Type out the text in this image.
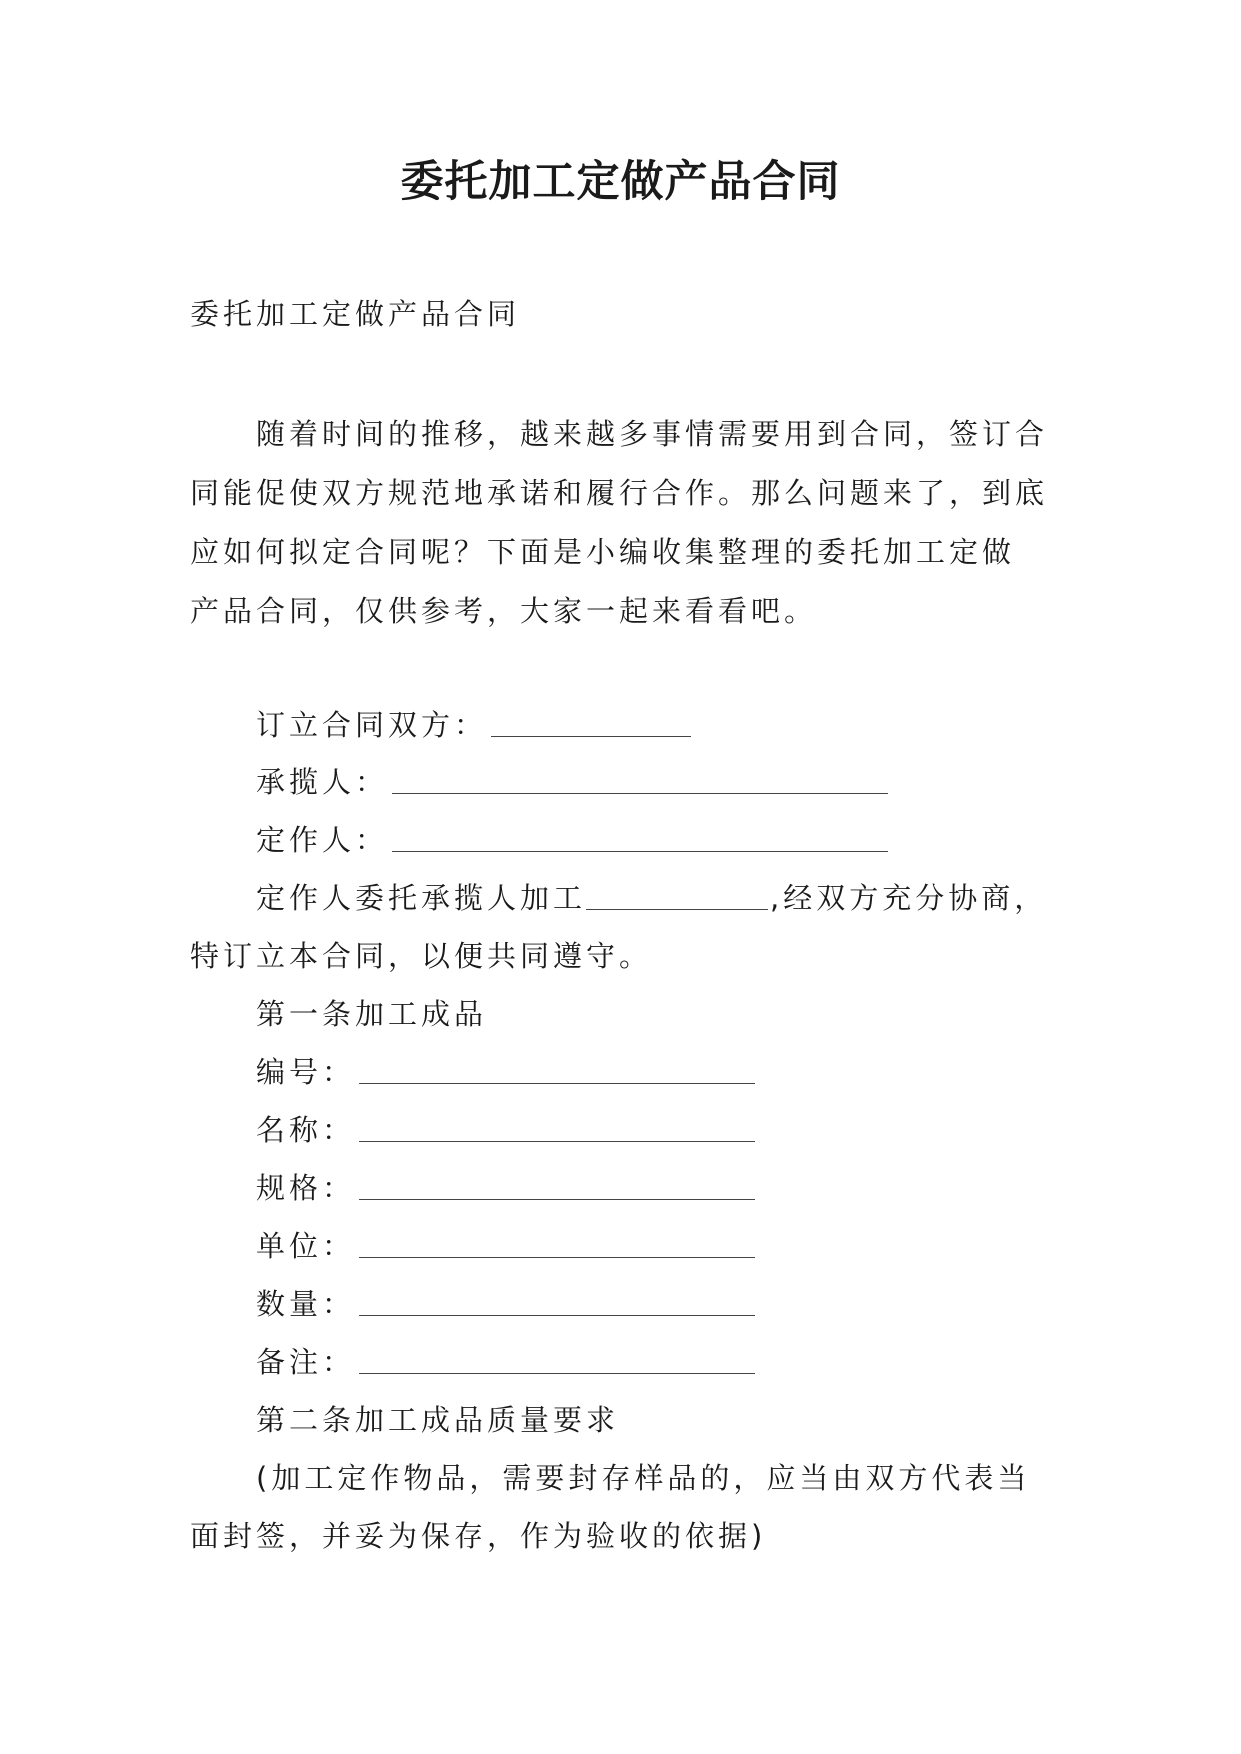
委托加工定做产品合同
委托加工定做产品合同
随着时间的推移，越来越多事情需要用到合同，签订合
同能促使双方规范地承诺和履行合作。那么问题来了，到底
应如何拟定合同呢？下面是小编收集整理的委托加工定做
产品合同，仅供参考，大家一起来看看吧。
订立合同双方：
承揽人：
定作人：
定作人委托承揽人加工	,经双方充分协商，
特订立本合同，以便共同遵守。
第一条加工成品
编号：
名称：
规格：
单位：
数量：
备注：
第二条加工成品质量要求
(加工定作物品，需要封存样品的，应当由双方代表当
面封签，并妥为保存，作为验收的依据)
